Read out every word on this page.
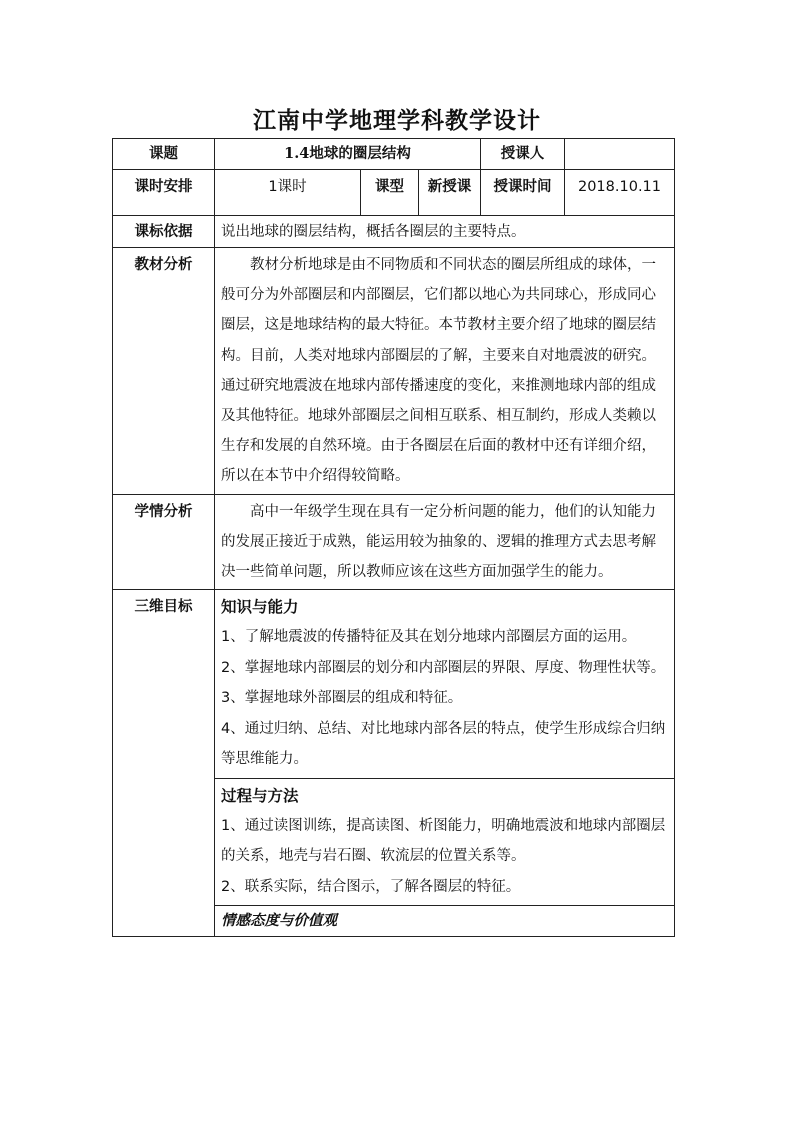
江南中学地理学科教学设计
课题	1.4地球的圈层结构			授课人	
课时安排	1课时	课型	新授课	授课时间	2018.10.11
课标依据	说出地球的圈层结构，概括各圈层的主要特点。				
教材分析	教材分析地球是由不同物质和不同状态的圈层所组成的球体，一般可分为外部圈层和内部圈层，它们都以地心为共同球心，形成同心圈层，这是地球结构的最大特征。本节教材主要介绍了地球的圈层结构。目前，人类对地球内部圈层的了解，主要来自对地震波的研究。通过研究地震波在地球内部传播速度的变化，来推测地球内部的组成及其他特征。地球外部圈层之间相互联系、相互制约，形成人类赖以生存和发展的自然环境。由于各圈层在后面的教材中还有详细介绍，所以在本节中介绍得较简略。				

学情分析	高中一年级学生现在具有一定分析问题的能力，他们的认知能力的发展正接近于成熟，能运用较为抽象的、逻辑的推理方式去思考解决一些简单问题，所以教师应该在这些方面加强学生的能力。				

三维目标	知识与能力

1、了解地震波的传播特征及其在划分地球内部圈层方面的运用。

2、掌握地球内部圈层的划分和内部圈层的界限、厚度、物理性状等。

3、掌握地球外部圈层的组成和特征。

4、通过归纳、总结、对比地球内部各层的特点，使学生形成综合归纳等思维能力。				

	过程与方法

1、通过读图训练，提高读图、析图能力，明确地震波和地球内部圈层的关系，地壳与岩石圈、软流层的位置关系等。

2、联系实际，结合图示，了解各圈层的特征。				

	情感态度与价值观				
